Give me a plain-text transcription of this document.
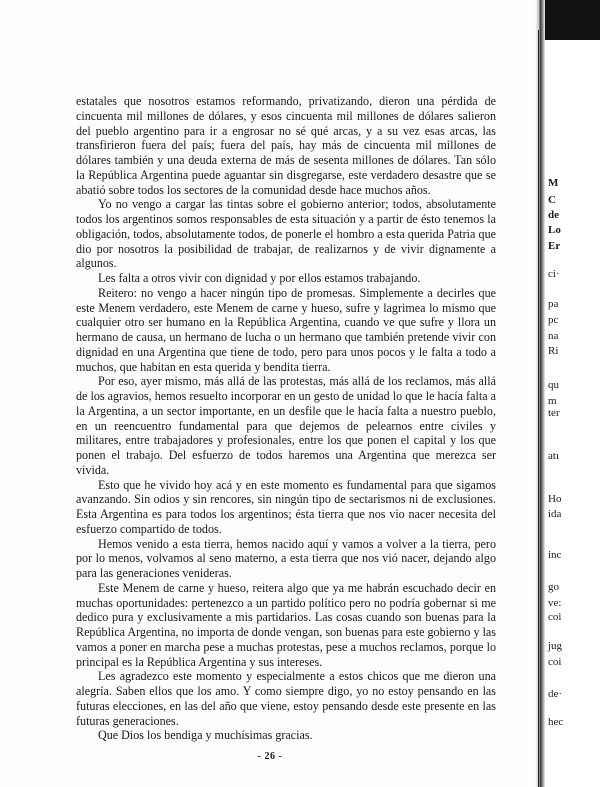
estatales que nosotros estamos reformando, privatizando, dieron una pérdida de cincuenta mil millones de dólares, y esos cincuenta mil millones de dólares salieron del pueblo argentino para ir a engrosar no sé qué arcas, y a su vez esas arcas, las transfirieron fuera del país; fuera del país, hay más de cincuenta mil millones de dólares también y una deuda externa de más de sesenta millones de dólares. Tan sólo la República Argentina puede aguantar sin disgregarse, este verdadero desastre que se abatió sobre todos los sectores de la comunidad desde hace muchos años.

Yo no vengo a cargar las tintas sobre el gobierno anterior; todos, absolutamente todos los argentinos somos responsables de esta situación y a partir de ésto tenemos la obligación, todos, absolutamente todos, de ponerle el hombro a esta querida Patria que dio por nosotros la posibilidad de trabajar, de realizarnos y de vivir dignamente a algunos.

Les falta a otros vivir con dignidad y por ellos estamos trabajando.

Reitero: no vengo a hacer ningún tipo de promesas. Simplemente a decirles que este Menem verdadero, este Menem de carne y hueso, sufre y lagrimea lo mismo que cualquier otro ser humano en la República Argentina, cuando ve que sufre y llora un hermano de causa, un hermano de lucha o un hermano que también pretende vivir con dignidad en una Argentina que tiene de todo, pero para unos pocos y le falta a todo a muchos, que habitan en esta querida y bendita tierra.

Por eso, ayer mismo, más allá de las protestas, más allá de los reclamos, más allá de los agravios, hemos resuelto incorporar en un gesto de unidad lo que le hacía falta a la Argentina, a un sector importante, en un desfile que le hacía falta a nuestro pueblo, en un reencuentro fundamental para que dejemos de pelearnos entre civiles y militares, entre trabajadores y profesionales, entre los que ponen el capital y los que ponen el trabajo. Del esfuerzo de todos haremos una Argentina que merezca ser vivida.

Esto que he vivido hoy acá y en este momento es fundamental para que sigamos avanzando. Sin odios y sin rencores, sin ningún tipo de sectarismos ni de exclusiones. Esta Argentina es para todos los argentinos; ésta tierra que nos vio nacer necesita del esfuerzo compartido de todos.

Hemos venido a esta tierra, hemos nacido aquí y vamos a volver a la tierra, pero por lo menos, volvamos al seno materno, a esta tierra que nos vió nacer, dejando algo para las generaciones venideras.

Este Menem de carne y hueso, reitera algo que ya me habrán escuchado decir en muchas oportunidades: pertenezco a un partido político pero no podría gobernar si me dedico pura y exclusivamente a mis partidarios. Las cosas cuando son buenas para la República Argentina, no importa de donde vengan, son buenas para este gobierno y las vamos a poner en marcha pese a muchas protestas, pese a muchos reclamos, porque lo principal es la República Argentina y sus intereses.

Les agradezco este momento y especialmente a estos chicos que me dieron una alegría. Saben ellos que los amo. Y como siempre digo, yo no estoy pensando en las futuras elecciones, en las del año que viene, estoy pensando desde este presente en las futuras generaciones.

Que Dios los bendiga y muchísimas gracias.

- 26 -
M
C
de
Lo
Er
ci·
pa
pc
na
Ri
qu
m
ter
atı
Ho
ida
inc
go
ve:
coi
jug
coi
de·
hec
